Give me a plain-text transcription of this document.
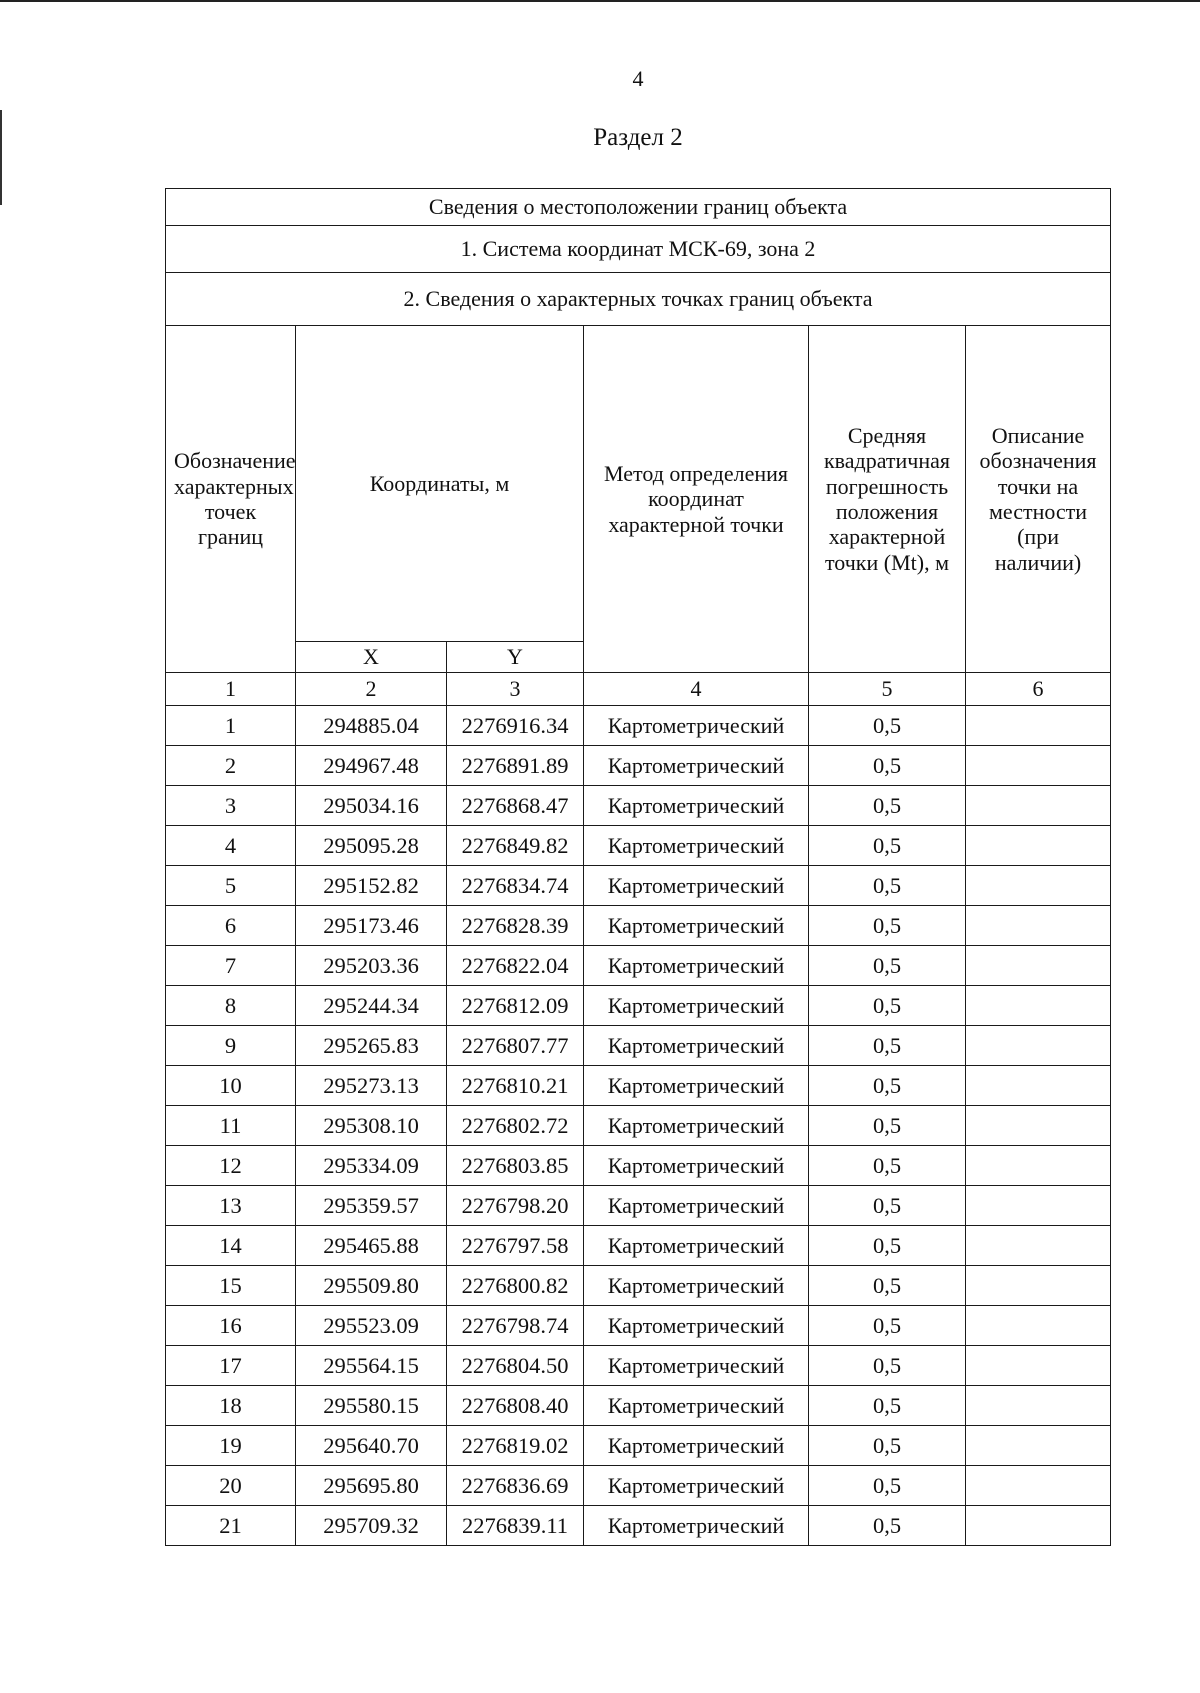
4
Раздел 2
Сведения о местоположении границ объекта					
1. Система координат МСК-69, зона 2					
2. Сведения о характерных точках границ объекта					
Обозначение характерных точек границ	Координаты, м		Метод определения координат характерной точки	Средняя квадратичная погрешность положения характерной точки (Mt), м	Описание обозначения точки на местности (при наличии)
	X	Y			
1	2	3	4	5	6
1	294885.04	2276916.34	Картометрический	0,5	
2	294967.48	2276891.89	Картометрический	0,5	
3	295034.16	2276868.47	Картометрический	0,5	
4	295095.28	2276849.82	Картометрический	0,5	
5	295152.82	2276834.74	Картометрический	0,5	
6	295173.46	2276828.39	Картометрический	0,5	
7	295203.36	2276822.04	Картометрический	0,5	
8	295244.34	2276812.09	Картометрический	0,5	
9	295265.83	2276807.77	Картометрический	0,5	
10	295273.13	2276810.21	Картометрический	0,5	
11	295308.10	2276802.72	Картометрический	0,5	
12	295334.09	2276803.85	Картометрический	0,5	
13	295359.57	2276798.20	Картометрический	0,5	
14	295465.88	2276797.58	Картометрический	0,5	
15	295509.80	2276800.82	Картометрический	0,5	
16	295523.09	2276798.74	Картометрический	0,5	
17	295564.15	2276804.50	Картометрический	0,5	
18	295580.15	2276808.40	Картометрический	0,5	
19	295640.70	2276819.02	Картометрический	0,5	
20	295695.80	2276836.69	Картометрический	0,5	
21	295709.32	2276839.11	Картометрический	0,5	
